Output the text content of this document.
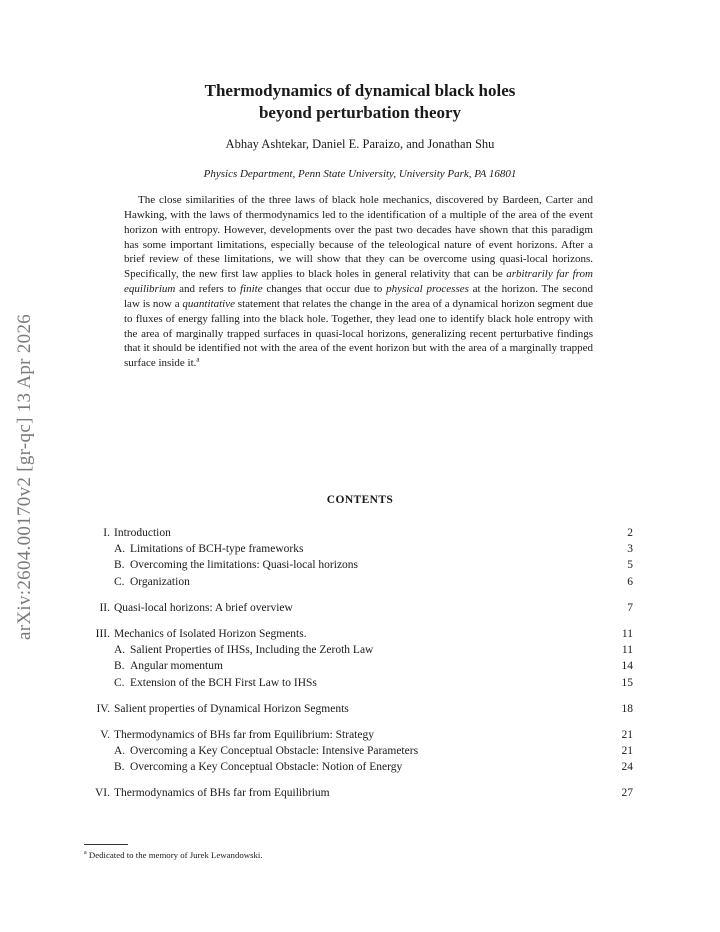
arXiv:2604.00170v2 [gr-qc] 13 Apr 2026
Thermodynamics of dynamical black holes
beyond perturbation theory
Abhay Ashtekar, Daniel E. Paraizo, and Jonathan Shu
Physics Department, Penn State University, University Park, PA 16801
The close similarities of the three laws of black hole mechanics, discovered by Bardeen, Carter and Hawking, with the laws of thermodynamics led to the identification of a multiple of the area of the event horizon with entropy. However, developments over the past two decades have shown that this paradigm has some important limitations, especially because of the teleological nature of event horizons. After a brief review of these limitations, we will show that they can be overcome using quasi-local horizons. Specifically, the new first law applies to black holes in general relativity that can be arbitrarily far from equilibrium and refers to finite changes that occur due to physical processes at the horizon. The second law is now a quantitative statement that relates the change in the area of a dynamical horizon segment due to fluxes of energy falling into the black hole. Together, they lead one to identify black hole entropy with the area of marginally trapped surfaces in quasi-local horizons, generalizing recent perturbative findings that it should be identified not with the area of the event horizon but with the area of a marginally trapped surface inside it.$^a$
CONTENTS
I. Introduction	2
A. Limitations of BCH-type frameworks	3
B. Overcoming the limitations: Quasi-local horizons	5
C. Organization	6
II. Quasi-local horizons: A brief overview	7
III. Mechanics of Isolated Horizon Segments.	11
A. Salient Properties of IHSs, Including the Zeroth Law	11
B. Angular momentum	14
C. Extension of the BCH First Law to IHSs	15
IV. Salient properties of Dynamical Horizon Segments	18
V. Thermodynamics of BHs far from Equilibrium: Strategy	21
A. Overcoming a Key Conceptual Obstacle: Intensive Parameters	21
B. Overcoming a Key Conceptual Obstacle: Notion of Energy	24
VI. Thermodynamics of BHs far from Equilibrium	27
$^a$ Dedicated to the memory of Jurek Lewandowski.
